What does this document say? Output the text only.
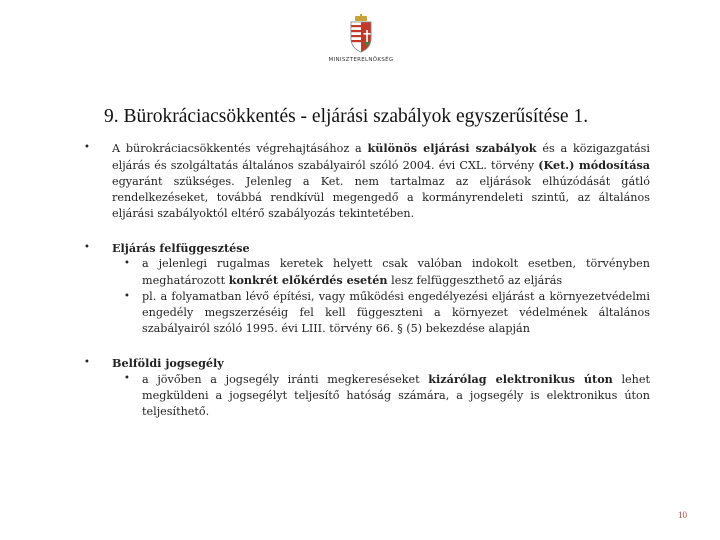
MINISZTERELNÖKSÉG
9. Bürokráciacsökkentés - eljárási szabályok egyszerűsítése 1.
•	A bürokráciacsökkentés végrehajtásához a különös eljárási szabályok és a közigazgatási eljárás és szolgáltatás általános szabályairól szóló 2004. évi CXL. törvény (Ket.) módosítása egyaránt szükséges. Jelenleg a Ket. nem tartalmaz az eljárások elhúzódását gátló rendelkezéseket, továbbá rendkívül megengedő a kormányrendeleti szintű, az általános eljárási szabályoktól eltérő szabályozás tekintetében.

•	Eljárás felfüggesztése
•	a jelenlegi rugalmas keretek helyett csak valóban indokolt esetben, törvényben meghatározott konkrét előkérdés esetén lesz felfüggeszthető az eljárás
•	pl. a folyamatban lévő építési, vagy működési engedélyezési eljárást a környezetvédelmi engedély megszerzéséig fel kell függeszteni a környezet védelmének általános szabályairól szóló 1995. évi LIII. törvény 66. § (5) bekezdése alapján
•	Belföldi jogsegély
•	a jövőben a jogsegély iránti megkereséseket kizárólag elektronikus úton lehet megküldeni a jogsegélyt teljesítő hatóság számára, a jogsegély is elektronikus úton teljesíthető.
10
